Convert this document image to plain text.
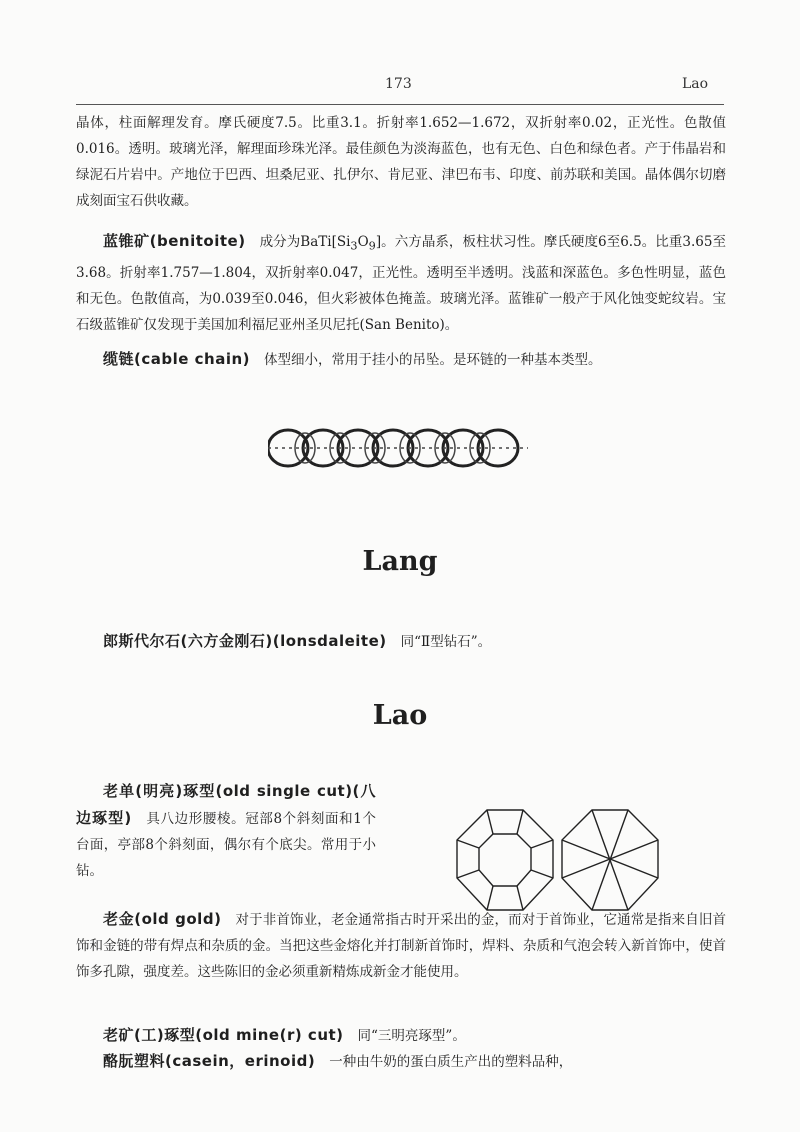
173	Lao

晶体，柱面解理发育。摩氏硬度7.5。比重3.1。折射率1.652—1.672，双折射率0.02，正光性。色散值0.016。透明。玻璃光泽，解理面珍珠光泽。最佳颜色为淡海蓝色，也有无色、白色和绿色者。产于伟晶岩和绿泥石片岩中。产地位于巴西、坦桑尼亚、扎伊尔、肯尼亚、津巴布韦、印度、前苏联和美国。晶体偶尔切磨成刻面宝石供收藏。

蓝锥矿(benitoite) 成分为$BaTi[Si_3O_9]$。六方晶系，板柱状习性。摩氏硬度6至6.5。比重3.65至3.68。折射率1.757—1.804，双折射率0.047，正光性。透明至半透明。浅蓝和深蓝色。多色性明显，蓝色和无色。色散值高，为0.039至0.046，但火彩被体色掩盖。玻璃光泽。蓝锥矿一般产于风化蚀变蛇纹岩。宝石级蓝锥矿仅发现于美国加利福尼亚州圣贝尼托(San Benito)。

缆链(cable chain) 体型细小，常用于挂小的吊坠。是环链的一种基本类型。

Lang

郎斯代尔石(六方金刚石)(lonsdaleite) 同“Ⅱ型钻石”。

Lao

老单(明亮)琢型(old single cut)(八边琢型) 具八边形腰棱。冠部8个斜刻面和1个台面，亭部8个斜刻面，偶尔有个底尖。常用于小钻。

老金(old gold) 对于非首饰业，老金通常指古时开采出的金，而对于首饰业，它通常是指来自旧首饰和金链的带有焊点和杂质的金。当把这些金熔化并打制新首饰时，焊料、杂质和气泡会转入新首饰中，使首饰多孔隙，强度差。这些陈旧的金必须重新精炼成新金才能使用。

老矿(工)琢型(old mine(r) cut) 同“三明亮琢型”。

酪朊塑料(casein，erinoid) 一种由牛奶的蛋白质生产出的塑料品种，
